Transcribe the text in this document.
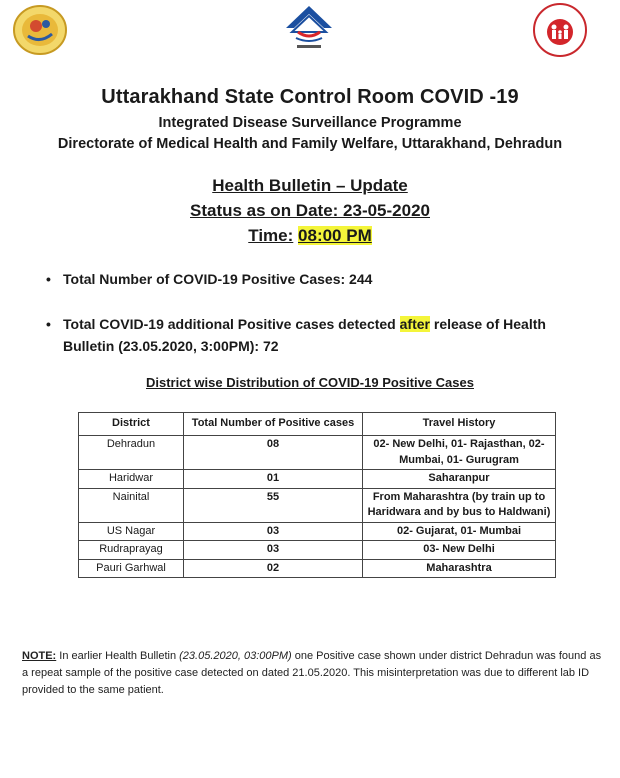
Uttarakhand State Control Room COVID -19
Integrated Disease Surveillance Programme
Directorate of Medical Health and Family Welfare, Uttarakhand, Dehradun
Health Bulletin – Update
Status as on Date: 23-05-2020
Time: 08:00 PM
• Total Number of COVID-19 Positive Cases: 244
• Total COVID-19 additional Positive cases detected after release of Health Bulletin (23.05.2020, 3:00PM): 72
District wise Distribution of COVID-19 Positive Cases
District	Total Number of Positive cases	Travel History
Dehradun	08	02- New Delhi, 01- Rajasthan, 02- Mumbai, 01- Gurugram
Haridwar	01	Saharanpur
Nainital	55	From Maharashtra (by train up to Haridwara and by bus to Haldwani)
US Nagar	03	02- Gujarat, 01- Mumbai
Rudraprayag	03	03- New Delhi
Pauri Garhwal	02	Maharashtra
NOTE: In earlier Health Bulletin (23.05.2020, 03:00PM) one Positive case shown under district Dehradun was found as a repeat sample of the positive case detected on dated 21.05.2020. This misinterpretation was due to different lab ID provided to the same patient.
